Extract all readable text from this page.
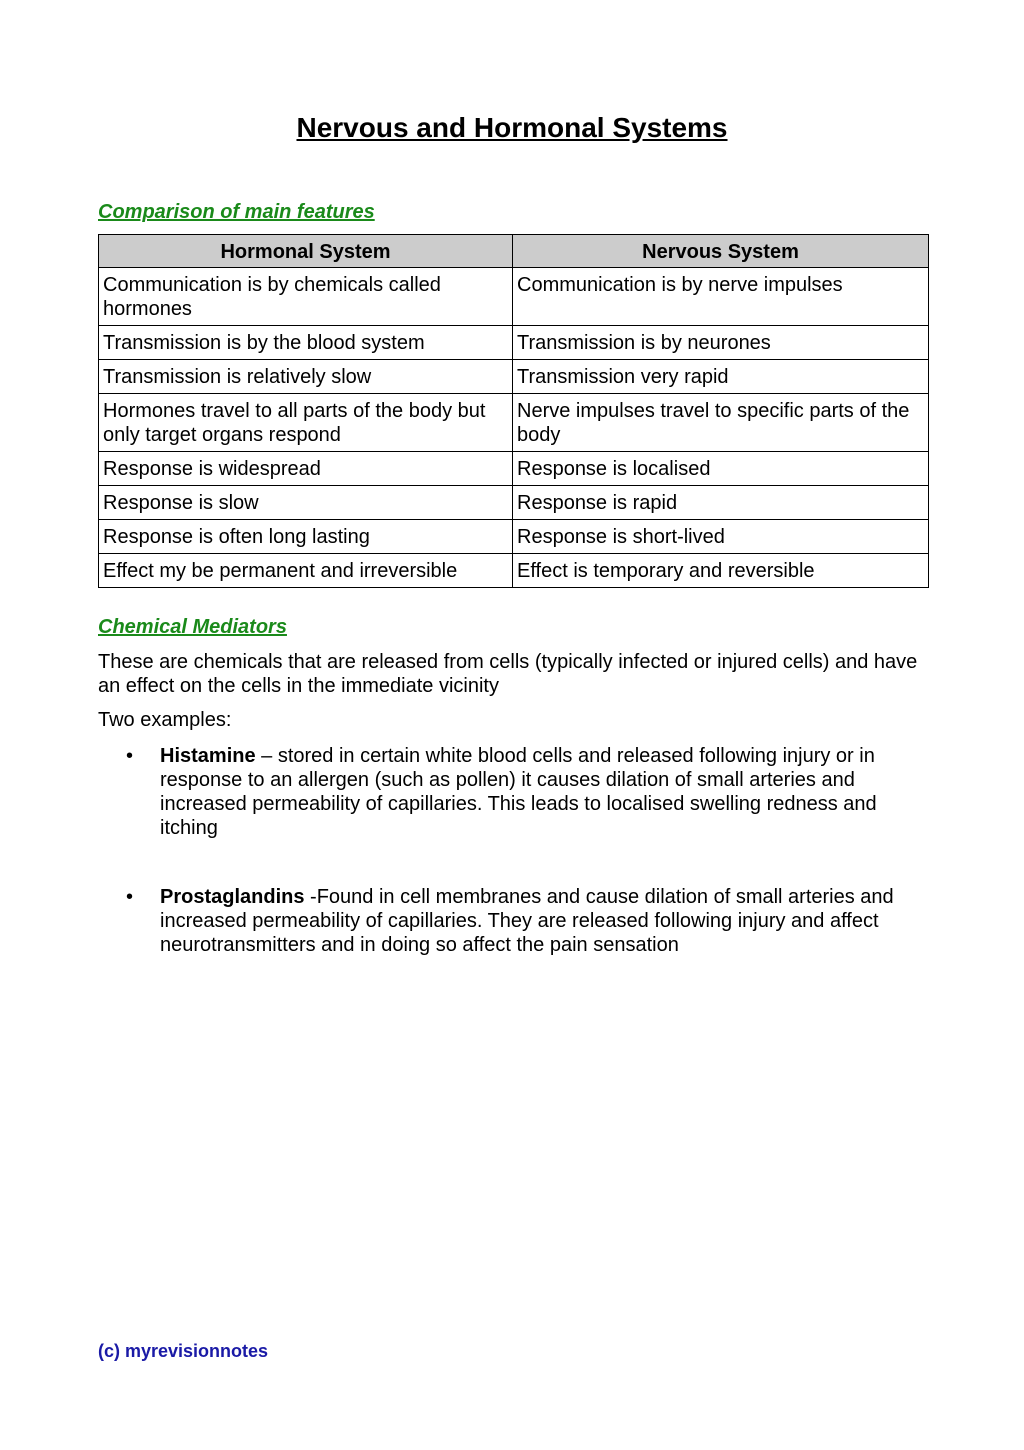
Nervous and Hormonal Systems
Comparison of main features
Hormonal System	Nervous System
Communication is by chemicals called hormones	Communication is by nerve impulses
Transmission is by the blood system	Transmission is by neurones
Transmission is relatively slow	Transmission very rapid
Hormones travel to all parts of the body but only target organs respond	Nerve impulses travel to specific parts of the body
Response is widespread	Response is localised
Response is slow	Response is rapid
Response is often long lasting	Response is short-lived
Effect my be permanent and irreversible	Effect is temporary and reversible
Chemical Mediators

These are chemicals that are released from cells (typically infected or injured cells) and have an effect on the cells in the immediate vicinity

Two examples:

• Histamine – stored in certain white blood cells and released following injury or in response to an allergen (such as pollen) it causes dilation of small arteries and increased permeability of capillaries. This leads to localised swelling redness and itching
• Prostaglandins -Found in cell membranes and cause dilation of small arteries and increased permeability of capillaries. They are released following injury and affect neurotransmitters and in doing so affect the pain sensation

(c) myrevisionnotes
